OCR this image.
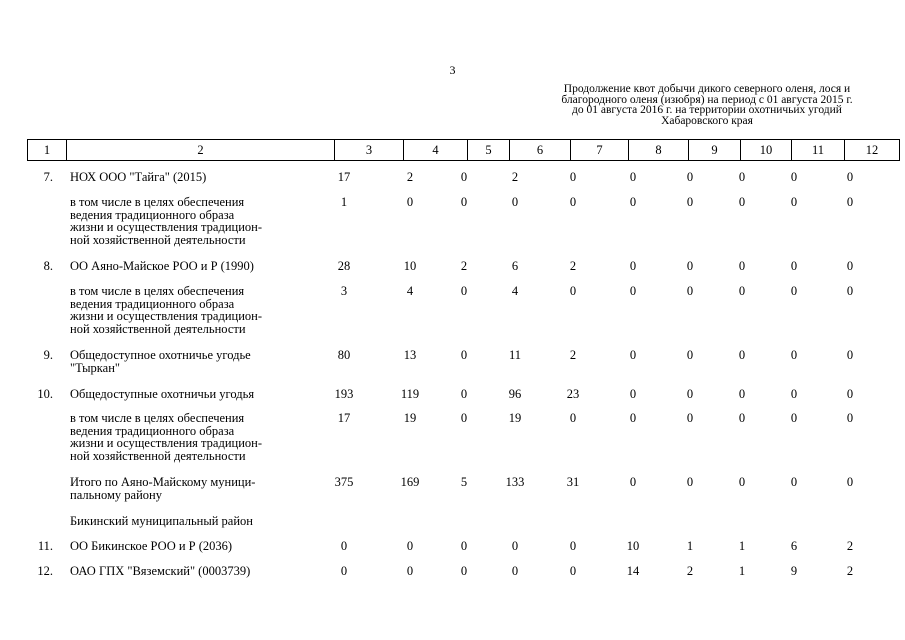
3
Продолжение квот добычи дикого северного оленя, лося и
благородного оленя (изюбря) на период с 01 августа 2015 г.
до 01 августа 2016 г. на территории охотничьих угодий
Хабаровского края
1	2	3	4	5	6	7	8	9	10	11	12
7. НОХ ООО "Тайга" (2015)	17	2	0	2	0	0	0	0	0	0
в том числе в целях обеспечения
ведения традиционного образа
жизни и осуществления традицион-
ной хозяйственной деятельности
1	0	0	0	0	0	0	0	0	0
8. ОО Аяно-Майское РОО и Р (1990)	28	10	2	6	2	0	0	0	0	0
в том числе в целях обеспечения
ведения традиционного образа
жизни и осуществления традицион-
ной хозяйственной деятельности
3	4	0	4	0	0	0	0	0	0
9. Общедоступное охотничье угодье
"Тыркан"
80	13	0	11	2	0	0	0	0	0
10. Общедоступные охотничьи угодья	193	119	0	96	23	0	0	0	0	0
в том числе в целях обеспечения
ведения традиционного образа
жизни и осуществления традицион-
ной хозяйственной деятельности
17	19	0	19	0	0	0	0	0	0
Итого по Аяно-Майскому муници-
пальному району
375	169	5	133	31	0	0	0	0	0
11. ОО Бикинское РОО и Р (2036)	0	0	0	0	0	10	1	1	6	2
12. ОАО ГПХ "Вяземский" (0003739)	0	0	0	0	0	14	2	1	9	2
Бикинский муниципальный район
